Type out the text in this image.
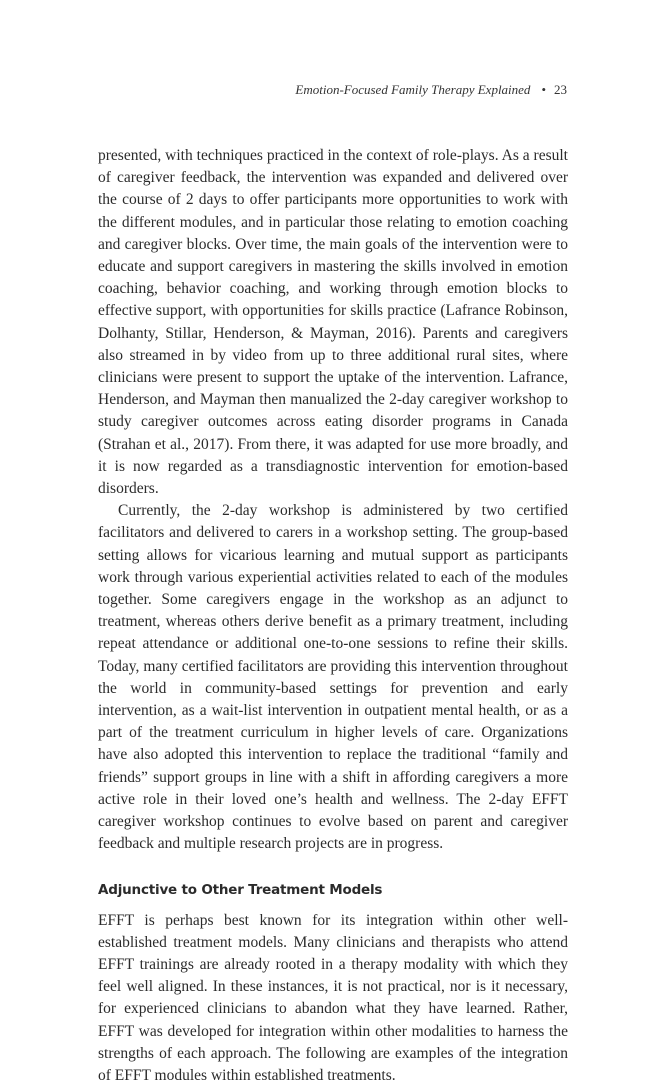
Emotion-Focused Family Therapy Explained • 23

presented, with techniques practiced in the context of role-plays. As a result of caregiver feedback, the intervention was expanded and delivered over the course of 2 days to offer participants more opportunities to work with the different modules, and in particular those relating to emotion coaching and caregiver blocks. Over time, the main goals of the intervention were to educate and support caregivers in mastering the skills involved in emotion coaching, behavior coaching, and working through emotion blocks to effective support, with opportunities for skills practice (Lafrance Robinson, Dolhanty, Stillar, Henderson, & Mayman, 2016). Parents and caregivers also streamed in by video from up to three additional rural sites, where clinicians were present to support the uptake of the intervention. Lafrance, Henderson, and Mayman then manualized the 2-day caregiver workshop to study caregiver outcomes across eating disorder programs in Canada (Strahan et al., 2017). From there, it was adapted for use more broadly, and it is now regarded as a transdiagnostic intervention for emotion-based disorders.

Currently, the 2-day workshop is administered by two certified facilitators and delivered to carers in a workshop setting. The group-based setting allows for vicarious learning and mutual support as participants work through various experiential activities related to each of the modules together. Some caregivers engage in the workshop as an adjunct to treatment, whereas others derive benefit as a primary treatment, including repeat attendance or additional one-to-one sessions to refine their skills. Today, many certified facilitators are providing this intervention throughout the world in community-based settings for prevention and early intervention, as a wait-list intervention in outpatient mental health, or as a part of the treatment curriculum in higher levels of care. Organizations have also adopted this intervention to replace the traditional “family and friends” support groups in line with a shift in affording caregivers a more active role in their loved one’s health and wellness. The 2-day EFFT caregiver workshop continues to evolve based on parent and caregiver feedback and multiple research projects are in progress.

Adjunctive to Other Treatment Models

EFFT is perhaps best known for its integration within other well-established treatment models. Many clinicians and therapists who attend EFFT trainings are already rooted in a therapy modality with which they feel well aligned. In these instances, it is not practical, nor is it necessary, for experienced clinicians to abandon what they have learned. Rather, EFFT was developed for integration within other modalities to harness the strengths of each approach. The following are examples of the integration of EFFT modules within established treatments.
